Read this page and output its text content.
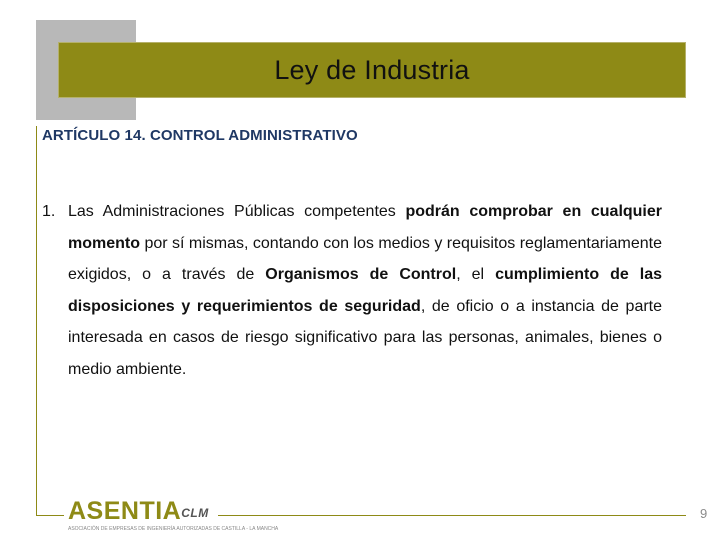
Ley de Industria
ARTÍCULO 14. CONTROL ADMINISTRATIVO
1. Las Administraciones Públicas competentes podrán comprobar en cualquier momento por sí mismas, contando con los medios y requisitos reglamentariamente exigidos, o a través de Organismos de Control, el cumplimiento de las disposiciones y requerimientos de seguridad, de oficio o a instancia de parte interesada en casos de riesgo significativo para las personas, animales, bienes o medio ambiente.
$ASENTIA^{CLM}$
ASOCIACIÓN DE EMPRESAS DE INGENIERÍA AUTORIZADAS DE CASTILLA - LA MANCHA
9
